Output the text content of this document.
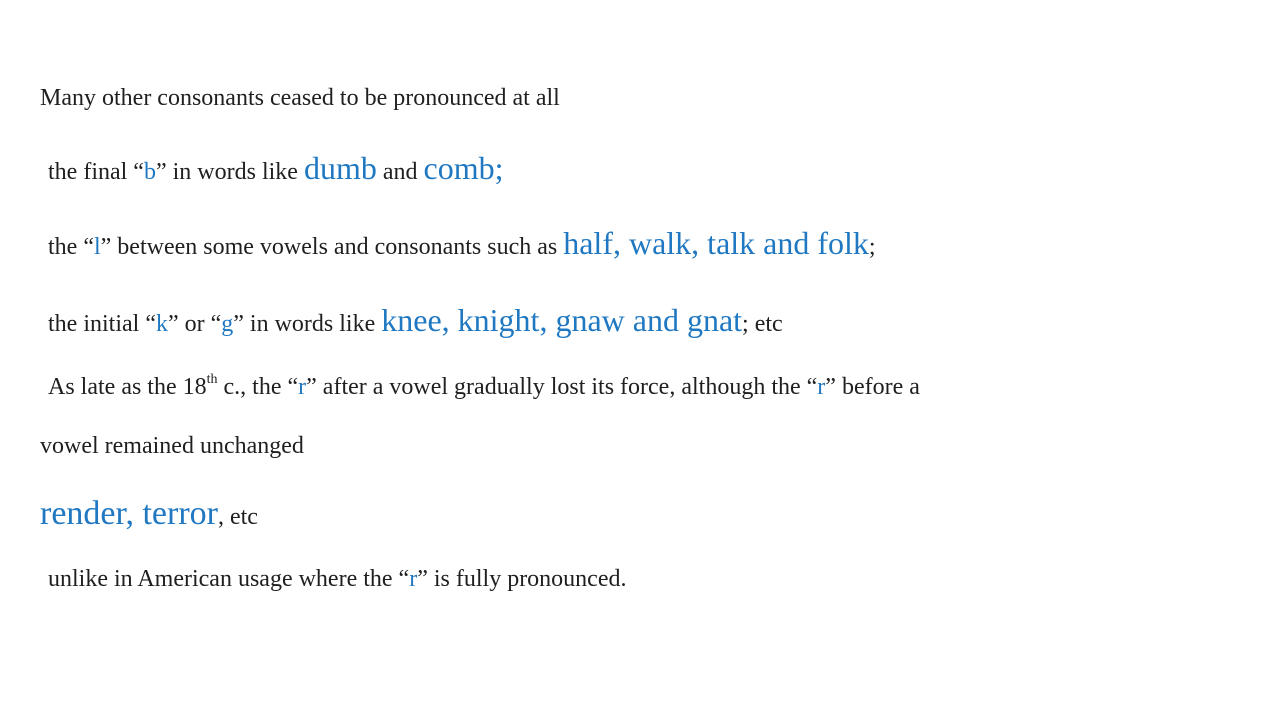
Many other consonants ceased to be pronounced at all
the final “b” in words like dumb and comb;
the “l” between some vowels and consonants such as half, walk, talk and folk;
the initial “k” or “g” in words like knee, knight, gnaw and gnat; etc
As late as the 18th c., the “r” after a vowel gradually lost its force, although the “r” before a
vowel remained unchanged
render, terror, etc
unlike in American usage where the “r” is fully pronounced.
